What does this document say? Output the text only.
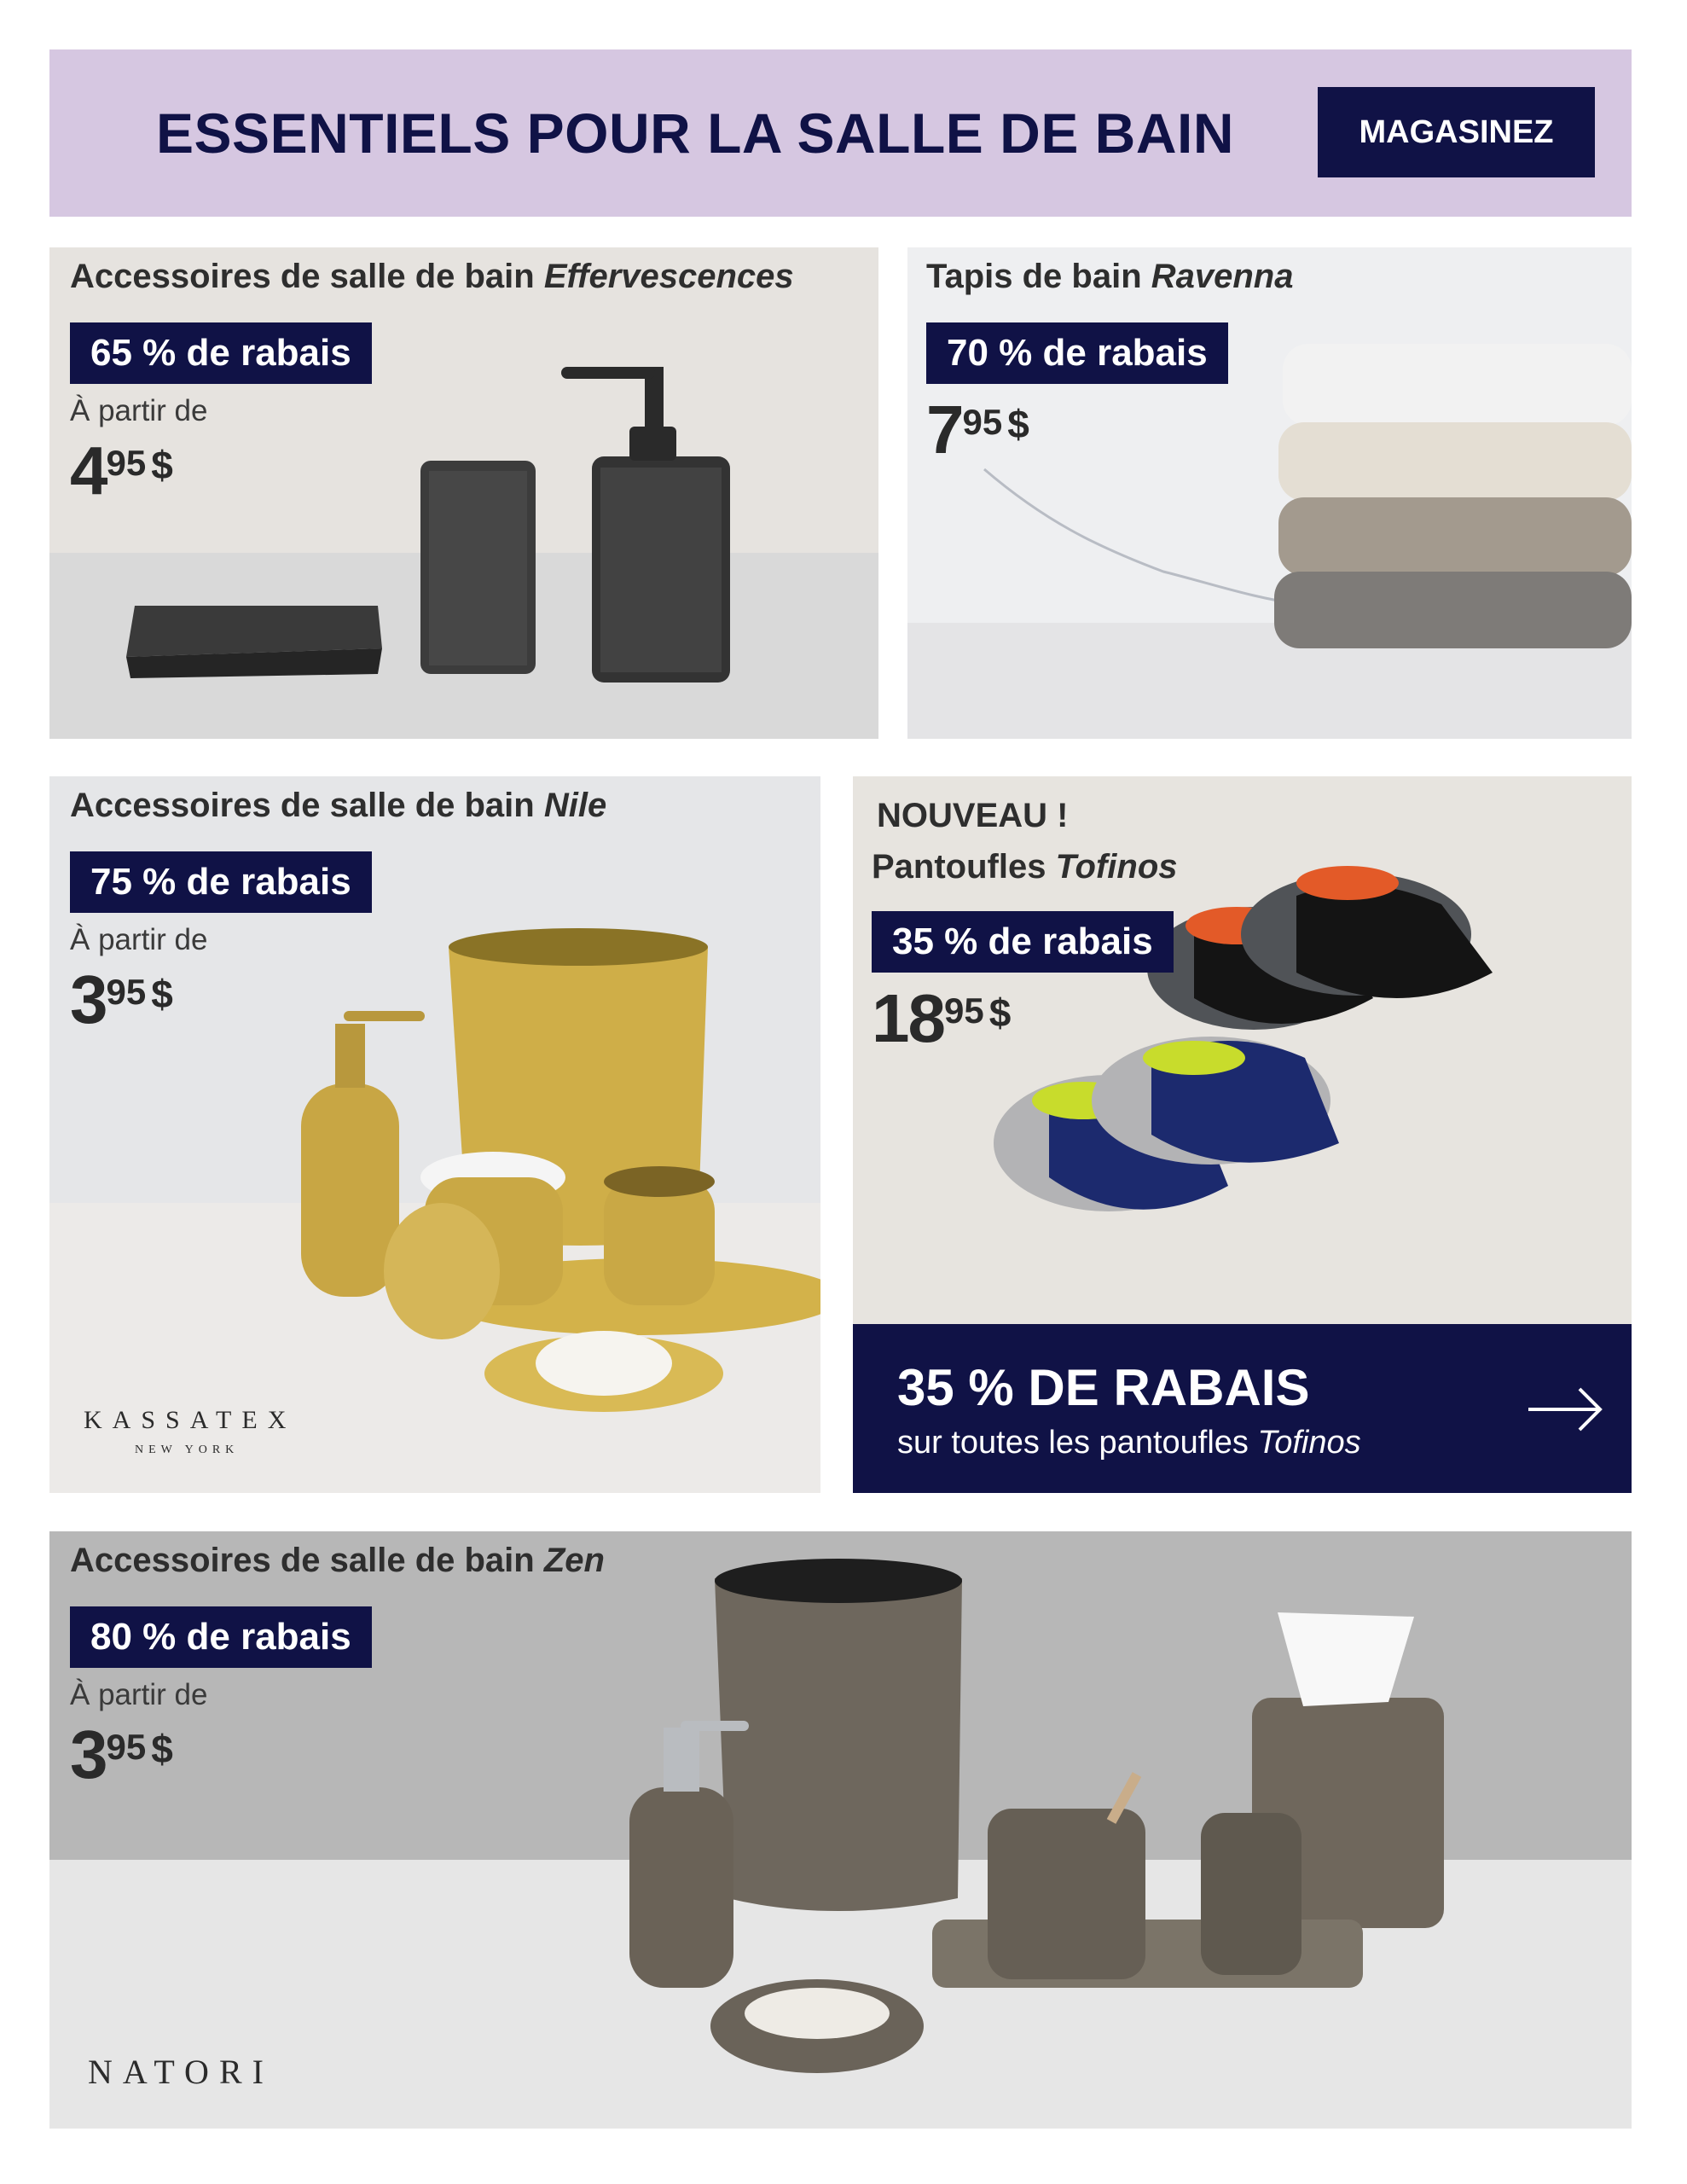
ESSENTIELS POUR LA SALLE DE BAIN	MAGASINEZ
Accessoires de salle de bain Effervescences
65 % de rabais
À partir de
4 95 $
Tapis de bain Ravenna
70 % de rabais
7 95 $
KASSATEX
NEW YORK
Accessoires de salle de bain Nile
75 % de rabais
À partir de
3 95 $
NOUVEAU !
Pantoufles Tofinos
35 % de rabais
18 95 $
35 % DE RABAIS
sur toutes les pantoufles Tofinos
NATORI
Accessoires de salle de bain Zen
80 % de rabais
À partir de
3 95 $
